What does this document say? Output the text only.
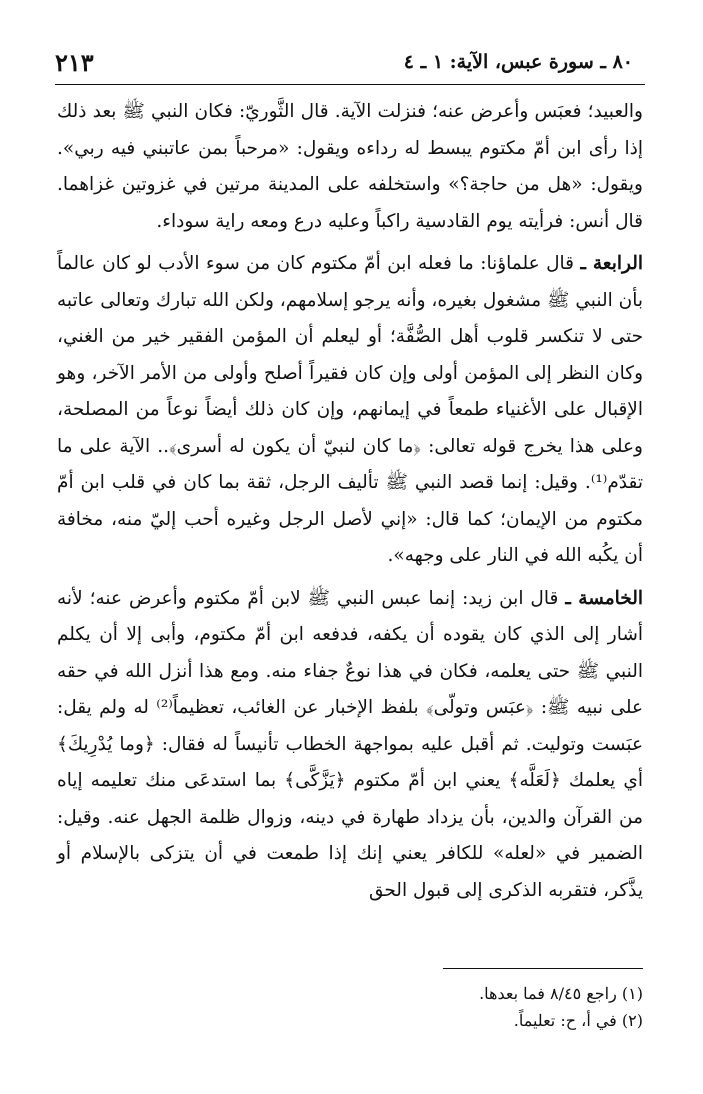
٨٠ ـ سورة عبس، الآية: ١ ـ ٤
٢١٣

والعبيد؛ فعبَس وأعرض عنه؛ فنزلت الآية. قال الثَّوريّ: فكان النبي ﷺ بعد ذلك إذا رأى ابن أمّ مكتوم يبسط له رداءه ويقول: «مرحباً بمن عاتبني فيه ربي». ويقول: «هل من حاجة؟» واستخلفه على المدينة مرتين في غزوتين غزاهما. قال أنس: فرأيته يوم القادسية راكباً وعليه درع ومعه راية سوداء.

الرابعة ـ قال علماؤنا: ما فعله ابن أمّ مكتوم كان من سوء الأدب لو كان عالماً بأن النبي ﷺ مشغول بغيره، وأنه يرجو إسلامهم، ولكن الله تبارك وتعالى عاتبه حتى لا تنكسر قلوب أهل الصُّفَّة؛ أو ليعلم أن المؤمن الفقير خير من الغني، وكان النظر إلى المؤمن أولى وإن كان فقيراً أصلح وأولى من الأمر الآخر، وهو الإقبال على الأغنياء طمعاً في إيمانهم، وإن كان ذلك أيضاً نوعاً من المصلحة، وعلى هذا يخرج قوله تعالى: ﴿ما كان لنبيّ أن يكون له أسرى﴾.. الآية على ما تقدّم⁽¹⁾. وقيل: إنما قصد النبي ﷺ تأليف الرجل، ثقة بما كان في قلب ابن أمّ مكتوم من الإيمان؛ كما قال: «إني لأصل الرجل وغيره أحب إليّ منه، مخافة أن يكُبه الله في النار على وجهه».

الخامسة ـ قال ابن زيد: إنما عبس النبي ﷺ لابن أمّ مكتوم وأعرض عنه؛ لأنه أشار إلى الذي كان يقوده أن يكفه، فدفعه ابن أمّ مكتوم، وأبى إلا أن يكلم النبي ﷺ حتى يعلمه، فكان في هذا نوعٌ جفاء منه. ومع هذا أنزل الله في حقه على نبيه ﷺ: ﴿عبَس وتولّى﴾ بلفظ الإخبار عن الغائب، تعظيماً⁽²⁾ له ولم يقل: عبَست وتوليت. ثم أقبل عليه بمواجهة الخطاب تأنيساً له فقال: ﴿وما يُدْرِيكَ﴾ أي يعلمك ﴿لَعَلَّه﴾ يعني ابن أمّ مكتوم ﴿يَزَّكَّى﴾ بما استدعَى منك تعليمه إياه من القرآن والدين، بأن يزداد طهارة في دينه، وزوال ظلمة الجهل عنه. وقيل: الضمير في «لعله» للكافر يعني إنك إذا طمعت في أن يتزكى بالإسلام أو يذَّكر، فتقربه الذكرى إلى قبول الحق

(١) راجع ٨/٤٥ فما بعدها.

(٢) في أ، ح: تعليماً.
